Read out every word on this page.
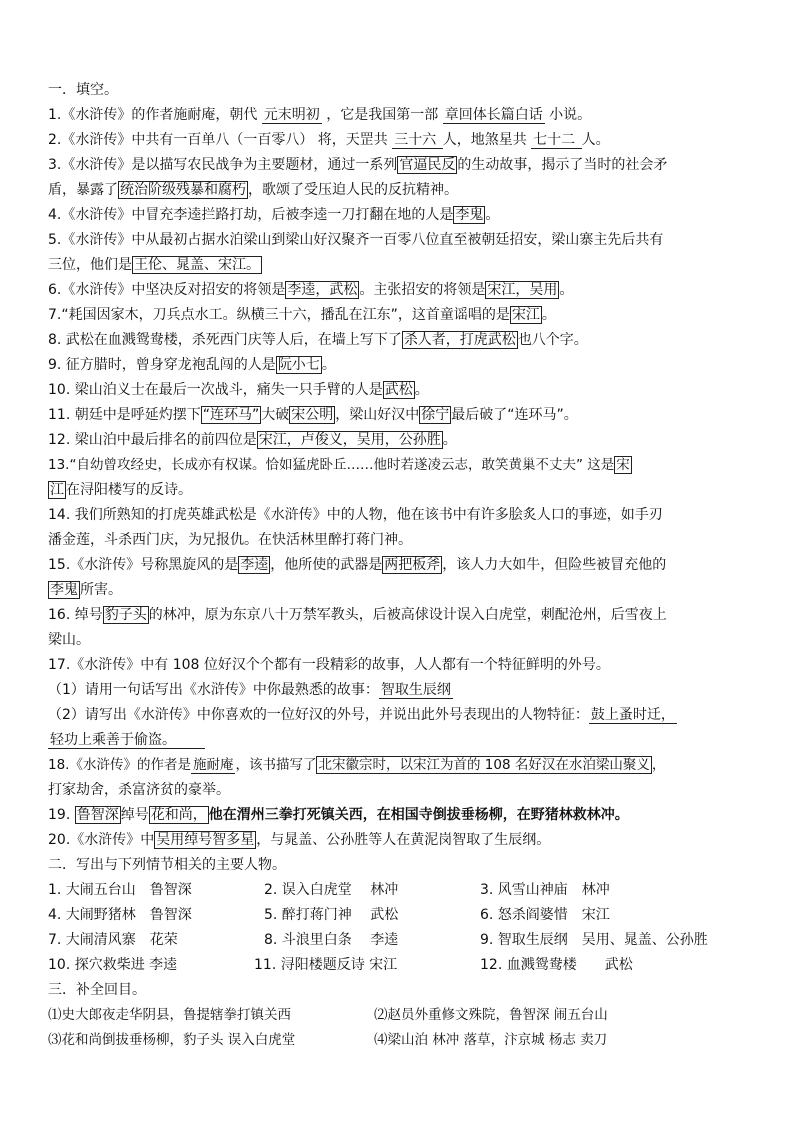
一．填空。
1.《水浒传》的作者施耐庵，朝代 元末明初 ，它是我国第一部 章回体长篇白话 小说。
2.《水浒传》中共有一百单八（一百零八） 将，天罡共 三十六 人，地煞星共 七十二 人。
3.《水浒传》是以描写农民战争为主要题材，通过一系列 官逼民反 的生动故事，揭示了当时的社会矛
盾，暴露了 统治阶级残暴和腐朽 ，歌颂了受压迫人民的反抗精神。
4.《水浒传》中冒充李逵拦路打劫，后被李逵一刀打翻在地的人是 李鬼 。
5.《水浒传》中从最初占据水泊梁山到梁山好汉聚齐一百零八位直至被朝廷招安，梁山寨主先后共有
三位，他们是 王伦、晁盖、宋江。
6.《水浒传》中坚决反对招安的将领是 李逵，武松 。主张招安的将领是 宋江，吴用 。
7.“耗国因家木，刀兵点水工。纵横三十六，播乱在江东”，这首童谣唱的是 宋江 。
8. 武松在血溅鸳鸯楼，杀死西门庆等人后，在墙上写下了 杀人者，打虎武松 也八个字。
9. 征方腊时，曾身穿龙袍乱闯的人是 阮小七 。
10. 梁山泊义士在最后一次战斗，痛失一只手臂的人是 武松 。
11. 朝廷中是呼延灼摆下 “连环马” 大破 宋公明 ，梁山好汉中 徐宁 最后破了“连环马”。
12. 梁山泊中最后排名的前四位是 宋江，卢俊义，吴用，公孙胜 。
13.“自幼曾攻经史，长成亦有权谋。恰如猛虎卧丘……他时若遂凌云志，敢笑黄巢不丈夫” 这是 宋
江 在浔阳楼写的反诗。
14. 我们所熟知的打虎英雄武松是《水浒传》中的人物，他在该书中有许多脍炙人口的事迹，如手刃
潘金莲，斗杀西门庆，为兄报仇。在快活林里醉打蒋门神。
15.《水浒传》号称黑旋风的是 李逵 ，他所使的武器是 两把板斧 ，该人力大如牛，但险些被冒充他的
李鬼 所害。
16. 绰号 豹子头 的林冲，原为东京八十万禁军教头，后被高俅设计误入白虎堂，刺配沧州，后雪夜上
梁山。
17.《水浒传》中有 108 位好汉个个都有一段精彩的故事，人人都有一个特征鲜明的外号。
（1）请用一句话写出《水浒传》中你最熟悉的故事： 智取生辰纲
（2）请写出《水浒传》中你喜欢的一位好汉的外号，并说出此外号表现出的人物特征： 鼓上蚤时迁，
轻功上乘善于偷盗。
18.《水浒传》的作者是 施耐庵 ，该书描写了 北宋徽宗时，以宋江为首的 108 名好汉在水泊梁山聚义 ，
打家劫舍，杀富济贫的豪举。
19. 鲁智深 绰号 花和尚， 他在渭州三拳打死镇关西，在相国寺倒拔垂杨柳，在野猪林救林冲。
20.《水浒传》中 吴用绰号智多星 ，与晁盖、公孙胜等人在黄泥岗智取了生辰纲。
二．写出与下列情节相关的主要人物。
1. 大闹五台山　鲁智深	2. 误入白虎堂　 林冲	3. 风雪山神庙　林冲
4. 大闹野猪林　鲁智深	5. 醉打蒋门神　 武松	6. 怒杀阎婆惜　宋江
7. 大闹清风寨　花荣	8. 斗浪里白条　 李逵	9. 智取生辰纲　吴用、晁盖、公孙胜
10. 探穴救柴进 李逵	11. 浔阳楼题反诗 宋江	12. 血溅鸳鸯楼　　武松
三．补全回目。
⑴史大郎夜走华阴县，鲁提辖拳打镇关西	⑵赵员外重修文殊院，鲁智深 闹五台山
⑶花和尚倒拔垂杨柳，豹子头 误入白虎堂	⑷梁山泊 林冲 落草，汴京城 杨志 卖刀
